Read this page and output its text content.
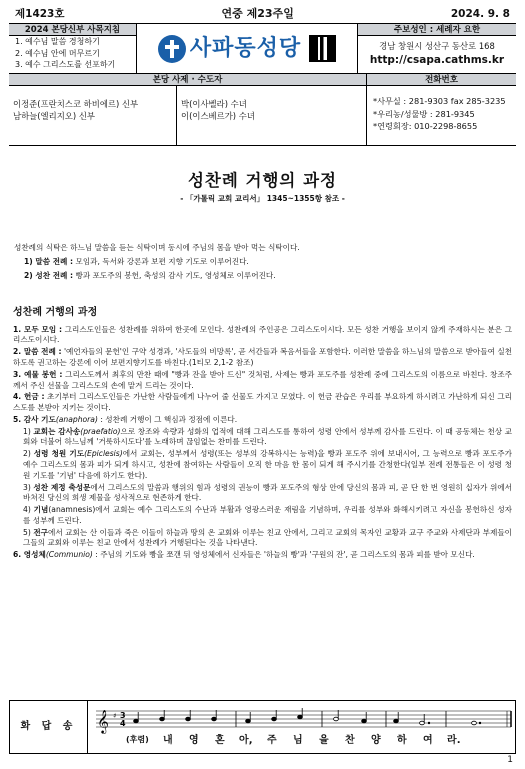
제1423호	연중 제23주일	2024. 9. 8
2024 본당신부 사목지침
1. 예수님 말씀 경청하기
2. 예수님 안에 머무르기
3. 예수 그리스도를 선포하기
사파동성당
주보성인 : 세례자 요한
경남 창원시 성산구 동산로 168
http://csapa.cathms.kr
본당 사제 · 수도자
이정준(프란치스코 하비에르) 신부
남하늘(엘리지오) 신부
박(이사벨라) 수녀
이(이스베르가) 수녀
전화번호
*사무실 : 281-9303 fax 285-3235
*우리농/성물방 : 281-9345
*연령회장: 010-2298-8655
성찬례 거행의 과정
- 「가톨릭 교회 교리서」 1345~1355항 참조 -

성찬례의 식탁은 하느님 말씀을 듣는 식탁이며 동시에 주님의 몸을 받아 먹는 식탁이다.

1) 말씀 전례 : 모임과, 독서와 강론과 보편 지향 기도로 이루어진다.

2) 성찬 전례 : 빵과 포도주의 봉헌, 축성의 감사 기도, 영성체로 이루어진다.

성찬례 거행의 과정

1. 모두 모임 : 그리스도인들은 성찬례를 위하여 한곳에 모인다. 성찬례의 주인공은 그리스도이시다. 모든 성찬 거행을 보이지 않게 주재하시는 분은 그리스도이시다.

2. 말씀 전례 : '예언자들의 문헌'인 구약 성경과, '사도들의 비망록', 곧 서간들과 복음서들을 포함한다. 이러한 말씀을 하느님의 말씀으로 받아들여 실천하도록 권고하는 강론에 이어 보편지향기도를 바친다.(1티모 2,1-2 참조)

3. 예물 봉헌 : 그리스도께서 최후의 만찬 때에 "빵과 잔을 받아 드신" 것처럼, 사제는 빵과 포도주를 성찬례 중에 그리스도의 이름으로 바친다. 창조주께서 주신 선물을 그리스도의 손에 맡겨 드리는 것이다.

4. 헌금 : 초기부터 그리스도인들은 가난한 사람들에게 나누어 줄 선물도 가지고 모였다. 이 헌금 관습은 우리를 부요하게 하시려고 가난하게 되신 그리스도를 본받아 지키는 것이다.

5. 감사 기도(anaphora) : 성찬례 거행이 그 핵심과 정점에 이른다.

1) 교회는 감사송(praefatio)으로 창조와 속량과 성화의 업적에 대해 그리스도를 통하여 성령 안에서 성부께 감사를 드린다. 이 때 공동체는 천상 교회와 더불어 하느님께 '거룩하시도다'를 노래하며 끊임없는 찬미를 드린다.

2) 성령 청원 기도(Epiclesis)에서 교회는, 성부께서 성령(또는 성부의 강복하시는 능력)을 빵과 포도주 위에 보내시어, 그 능력으로 빵과 포도주가 예수 그리스도의 몸과 피가 되게 하시고, 성찬에 참여하는 사람들이 오직 한 마음 한 몸이 되게 해 주시기를 간청한다(일부 전례 전통들은 이 성령 청원 기도를 '기념' 다음에 하기도 한다).

3) 성찬 제정 축성문에서 그리스도의 말씀과 행위의 힘과 성령의 권능이 빵과 포도주의 형상 안에 당신의 몸과 피, 곧 단 한 번 영원히 십자가 위에서 바쳐진 당신의 희생 제물을 성사적으로 현존하게 한다.

4) 기념(anamnesis)에서 교회는 예수 그리스도의 수난과 부활과 영광스러운 재림을 기념하며, 우리를 성부와 화해시키려고 자신을 봉헌하신 성자를 성부께 드린다.

5) 전구에서 교회는 산 이들과 죽은 이들이 하늘과 땅의 온 교회와 이루는 친교 안에서, 그리고 교회의 목자인 교황과 교구 주교와 사제단과 부제들이 그들의 교회와 이루는 친교 안에서 성찬례가 거행된다는 것을 나타낸다.

6. 영성체(Communio) : 주님의 기도와 빵을 쪼갠 뒤 영성체에서 신자들은 '하늘의 빵'과 '구원의 잔', 곧 그리스도의 몸과 피를 받아 모신다.

화 답 송	𝄞 ♯ 3
4
(후렴)	내	영	혼	아,	주	님	을	찬	양	하	여	라.
1
